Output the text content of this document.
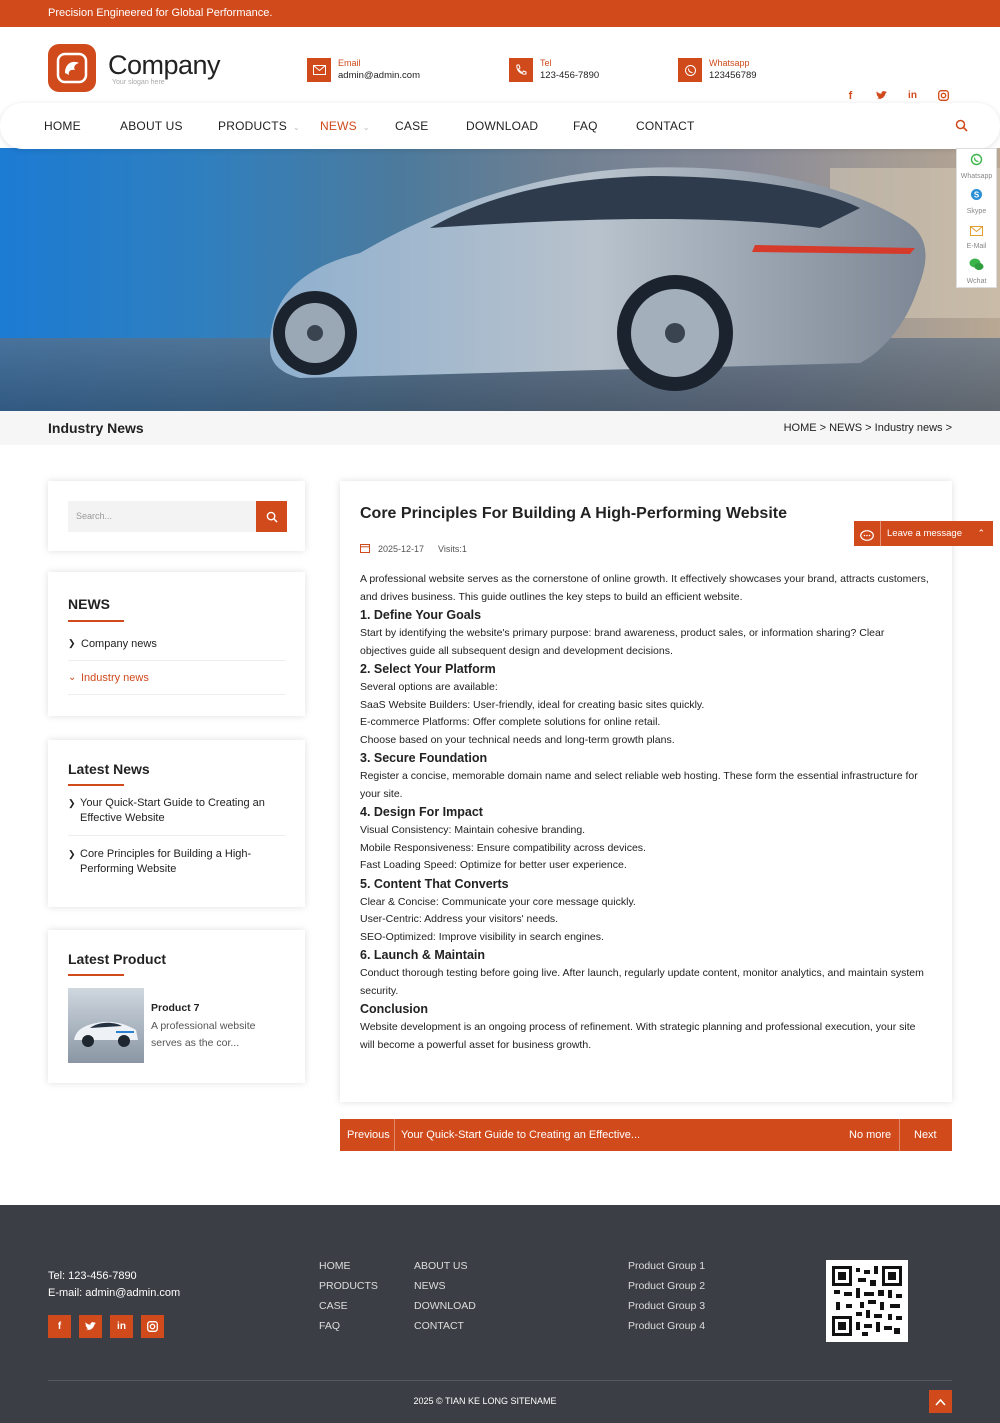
Precision Engineered for Global Performance.
Company
Your slogan here
Email
admin@admin.com
Tel
123-456-7890
Whatsapp
123456789
f	in
HOME	ABOUT US	PRODUCTS ⌄ NEWS ⌄ CASE	DOWNLOAD	FAQ	CONTACT
Whatsapp
S
Skype
E-Mail
Wchat
Industry News	HOME > NEWS > Industry news >
Search...
NEWS
❯ Company news
⌄ Industry news
Latest News
❯ Your Quick-Start Guide to Creating an Effective Website
❯ Core Principles for Building a High-Performing Website
Latest Product
Product 7
A professional website serves as the cor...
Core Principles For Building A High-Performing Website
2025-12-17 Visits:1

A professional website serves as the cornerstone of online growth. It effectively showcases your brand, attracts customers, and drives business. This guide outlines the key steps to build an efficient website.

1. Define Your Goals

Start by identifying the website's primary purpose: brand awareness, product sales, or information sharing? Clear objectives guide all subsequent design and development decisions.

2. Select Your Platform

Several options are available:

SaaS Website Builders: User-friendly, ideal for creating basic sites quickly.

E-commerce Platforms: Offer complete solutions for online retail.

Choose based on your technical needs and long-term growth plans.

3. Secure Foundation

Register a concise, memorable domain name and select reliable web hosting. These form the essential infrastructure for your site.

4. Design For Impact

Visual Consistency: Maintain cohesive branding.

Mobile Responsiveness: Ensure compatibility across devices.

Fast Loading Speed: Optimize for better user experience.

5. Content That Converts

Clear & Concise: Communicate your core message quickly.

User-Centric: Address your visitors' needs.

SEO-Optimized: Improve visibility in search engines.

6. Launch & Maintain

Conduct thorough testing before going live. After launch, regularly update content, monitor analytics, and maintain system security.

Conclusion

Website development is an ongoing process of refinement. With strategic planning and professional execution, your site will become a powerful asset for business growth.

Leave a message ⌃
Previous Your Quick-Start Guide to Creating an Effective...	No more Next
Tel: 123-456-7890
E-mail: admin@admin.com
f	in
HOME
PRODUCTS
CASE
FAQ
ABOUT US
NEWS
DOWNLOAD
CONTACT
Product Group 1
Product Group 2
Product Group 3
Product Group 4
2025 © TIAN KE LONG SITENAME
